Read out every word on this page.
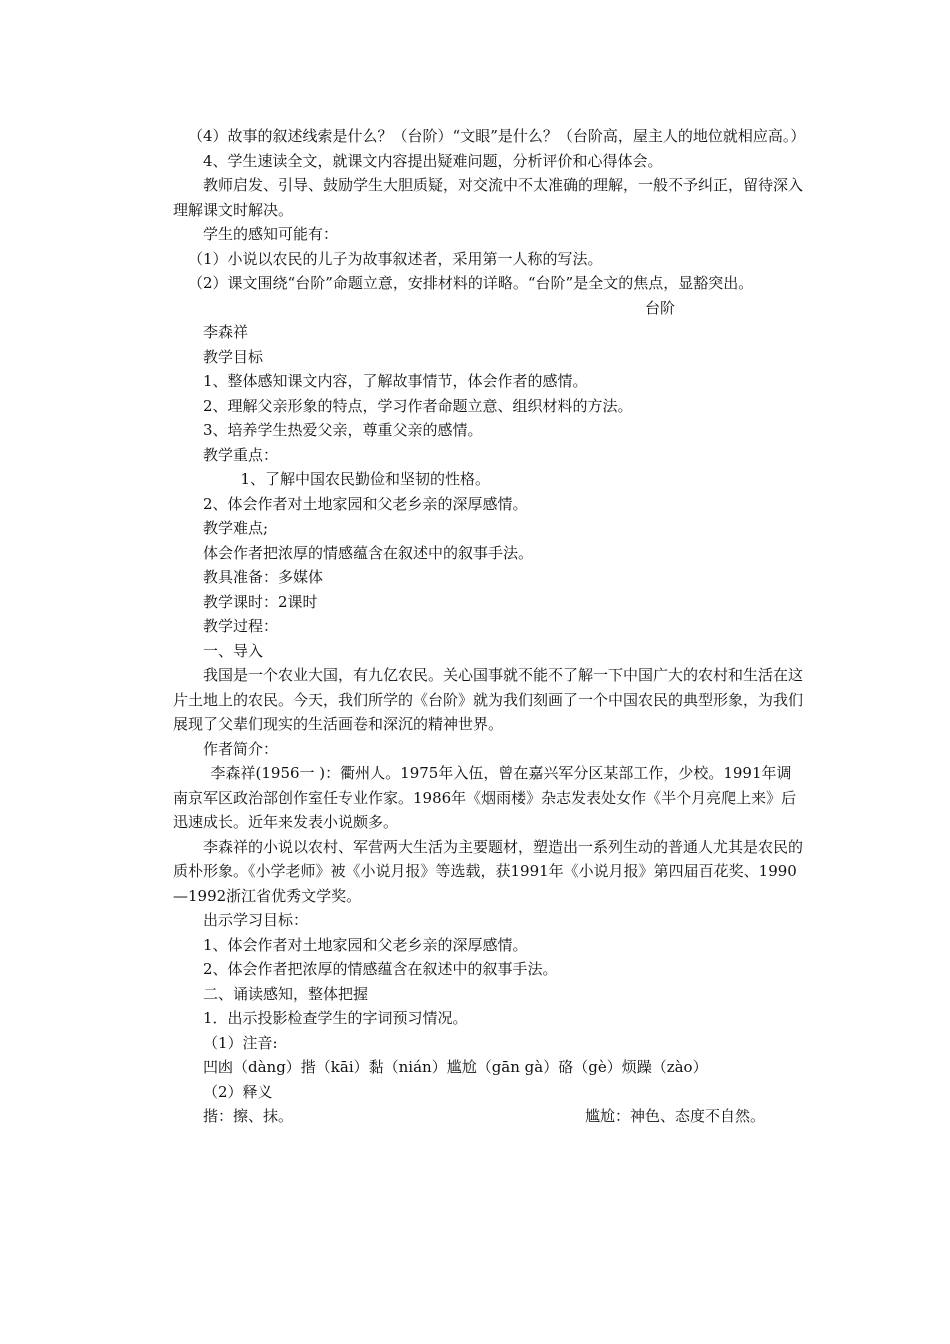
（4）故事的叙述线索是什么？（台阶）“文眼”是什么？（台阶高，屋主人的地位就相应高。）

4、学生速读全文，就课文内容提出疑难问题，分析评价和心得体会。

教师启发、引导、鼓励学生大胆质疑，对交流中不太准确的理解，一般不予纠正，留待深入理解课文时解决。

学生的感知可能有：

（1）小说以农民的儿子为故事叙述者，采用第一人称的写法。

（2）课文围绕“台阶”命题立意，安排材料的详略。“台阶”是全文的焦点，显豁突出。

台阶

李森祥

教学目标

1、整体感知课文内容，了解故事情节，体会作者的感情。

2、理解父亲形象的特点，学习作者命题立意、组织材料的方法。

3、培养学生热爱父亲，尊重父亲的感情。

教学重点：

1、了解中国农民勤俭和坚韧的性格。

2、体会作者对土地家园和父老乡亲的深厚感情。

教学难点;

体会作者把浓厚的情感蕴含在叙述中的叙事手法。

教具准备：多媒体

教学课时：2课时

教学过程：

一、导入

我国是一个农业大国，有九亿农民。关心国事就不能不了解一下中国广大的农村和生活在这片土地上的农民。今天，我们所学的《台阶》就为我们刻画了一个中国农民的典型形象，为我们展现了父辈们现实的生活画卷和深沉的精神世界。

作者简介：

李森祥(1956一 )：衢州人。1975年入伍，曾在嘉兴军分区某部工作，少校。1991年调南京军区政治部创作室任专业作家。1986年《烟雨楼》杂志发表处女作《半个月亮爬上来》后迅速成长。近年来发表小说颇多。

李森祥的小说以农村、军营两大生活为主要题材，塑造出一系列生动的普通人尤其是农民的质朴形象。《小学老师》被《小说月报》等选载，获1991年《小说月报》第四届百花奖、1990—1992浙江省优秀文学奖。

出示学习目标：

1、体会作者对土地家园和父老乡亲的深厚感情。

2、体会作者把浓厚的情感蕴含在叙述中的叙事手法。

二、诵读感知，整体把握

1．出示投影检查学生的字词预习情况。

（1）注音:

凹凼（dàng）揩（kāi）黏（nián）尴尬（gān gà）硌（gè）烦躁（zào）

（2）释义

揩：擦、抹。	尴尬：神色、态度不自然。
